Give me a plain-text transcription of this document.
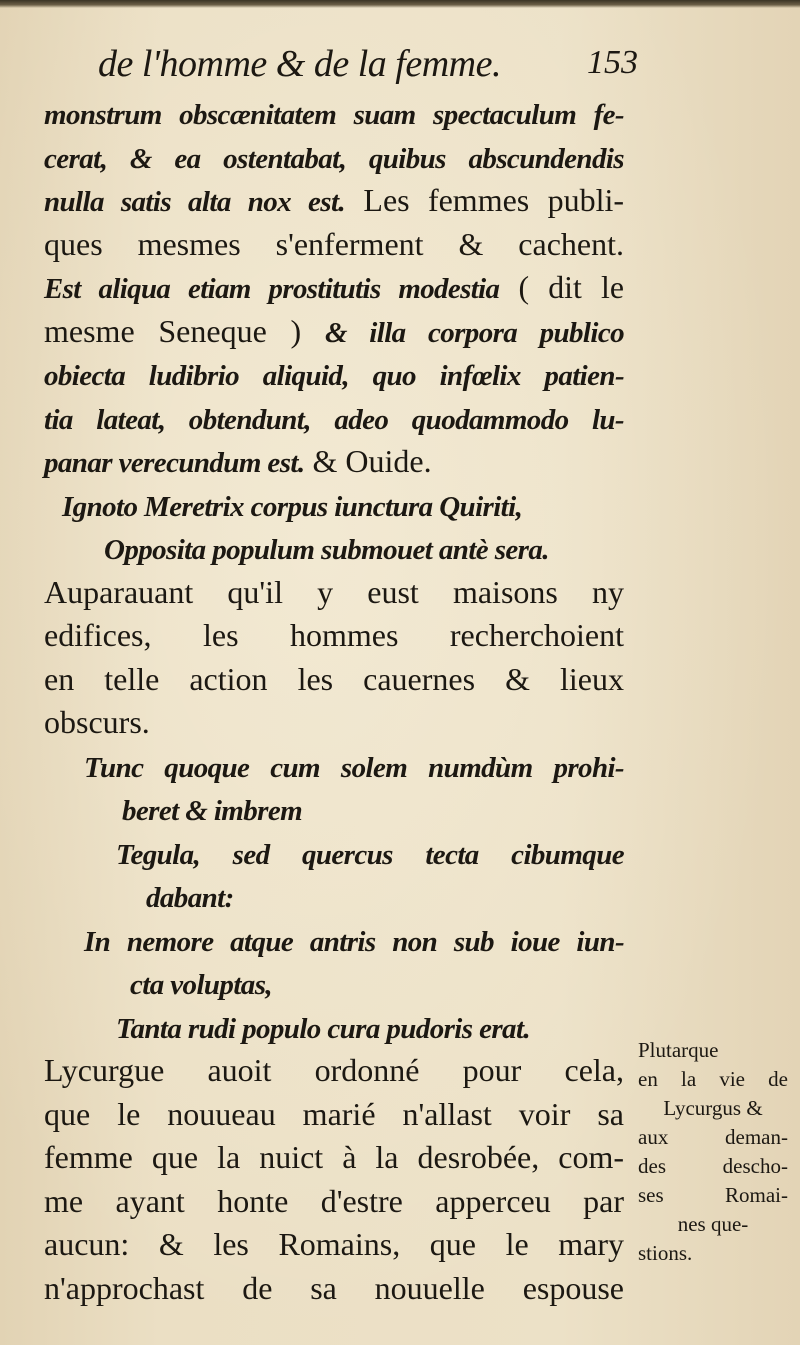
de l'homme & de la femme.	153
monstrum obscænitatem suam spectaculum fe-
cerat, & ea ostentabat, quibus abscundendis
nulla satis alta nox est. Les femmes publi-
ques mesmes s'enferment & cachent.
Est aliqua etiam prostitutis modestia ( dit le
mesme Seneque ) & illa corpora publico
obiecta ludibrio aliquid, quo infœlix patien-
tia lateat, obtendunt, adeo quodammodo lu-
panar verecundum est. & Ouide.
Ignoto Meretrix corpus iunctura Quiriti,
Opposita populum submouet antè sera.
Auparauant qu'il y eust maisons ny
edifices, les hommes recherchoient
en telle action les cauernes & lieux
obscurs.
Tunc quoque cum solem numdùm prohi-
beret & imbrem
Tegula, sed quercus tecta cibumque
dabant:
In nemore atque antris non sub ioue iun-
cta voluptas,
Tanta rudi populo cura pudoris erat.
Lycurgue auoit ordonné pour cela,
que le nouueau marié n'allast voir sa
femme que la nuict à la desrobée, com-
me ayant honte d'estre apperceu par
aucun: & les Romains, que le mary
n'approchast de sa nouuelle espouse
Plutarque
en la vie de
Lycurgus &
aux deman-
des descho-
ses Romai-
nes que-
stions.
